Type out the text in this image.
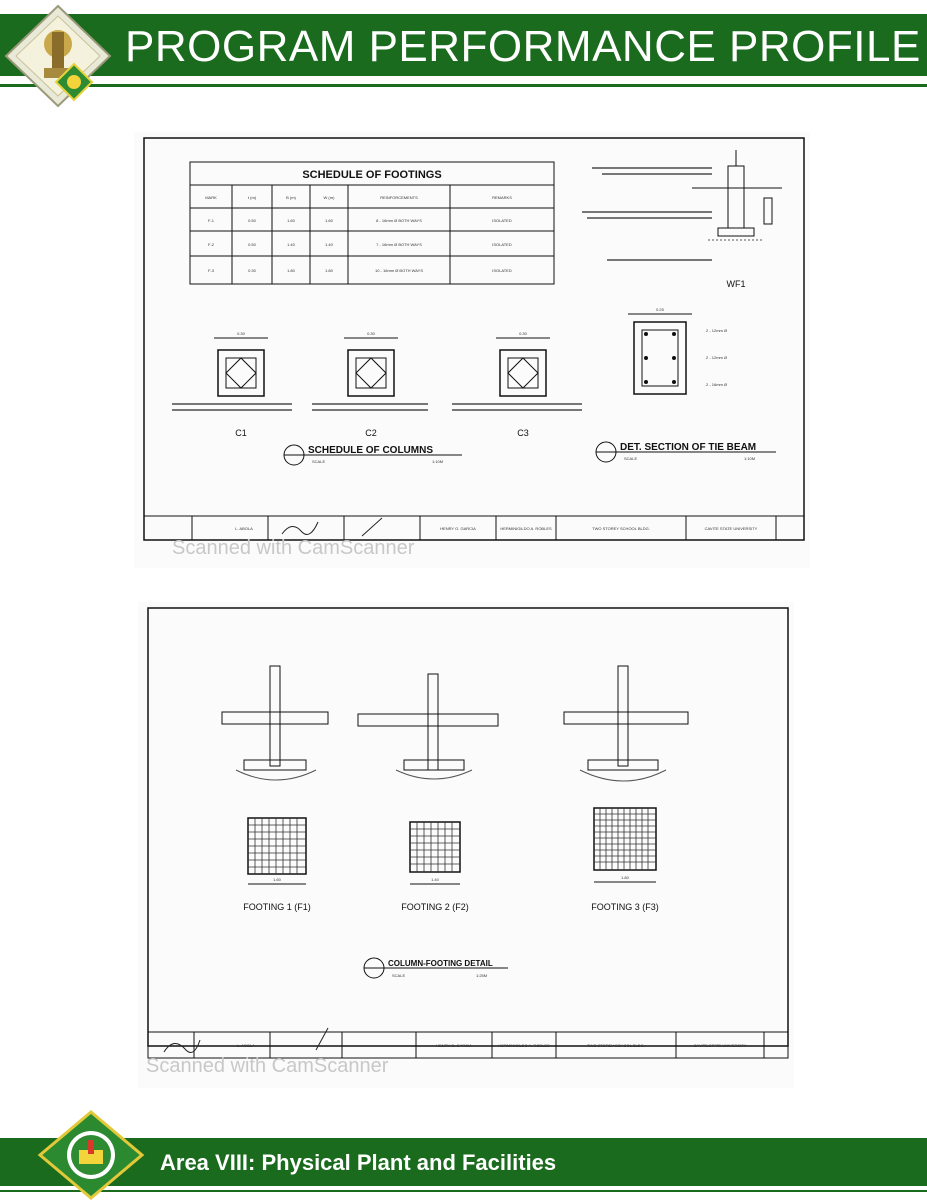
PROGRAM PERFORMANCE PROFILE
SCHEDULE OF FOOTINGS
MARK	t (m)	B (m)	W (m)	REINFORCEMENTS	REMARKS
F-1	0.50	1.60	1.60	8 - 16mm Ø BOTH WAYS	ISOLATED
F-2	0.50	1.40	1.40	7 - 16mm Ø BOTH WAYS	ISOLATED
F-3	0.30	1.80	1.80	10 - 16mm Ø BOTH WAYS	ISOLATED
WF1
0.30
C1
0.30
C2
0.30
C3
0.25
2 - 12mm Ø
2 - 12mm Ø
2 - 16mm Ø
SCHEDULE OF COLUMNS
SCALE	1:10M
DET. SECTION OF TIE BEAM
SCALE	1:10M
L. ABOLA	HENRY O. GARCIA	HERMINIGILDO A. ROBLES	TWO STOREY SCHOOL BLDG.	CAVITE STATE UNIVERSITY
Scanned with CamScanner
1.60
FOOTING 1 (F1)
1.40
FOOTING 2 (F2)
1.80
FOOTING 3 (F3)
COLUMN-FOOTING DETAIL
SCALE	1:25M
L. ABOLA	HENRY O. GARCIA	HERMINIGILDO A. ROBLES	TWO STOREY SCHOOL BLDG.	CAVITE STATE UNIVERSITY
Scanned with CamScanner
Area VIII: Physical Plant and Facilities
